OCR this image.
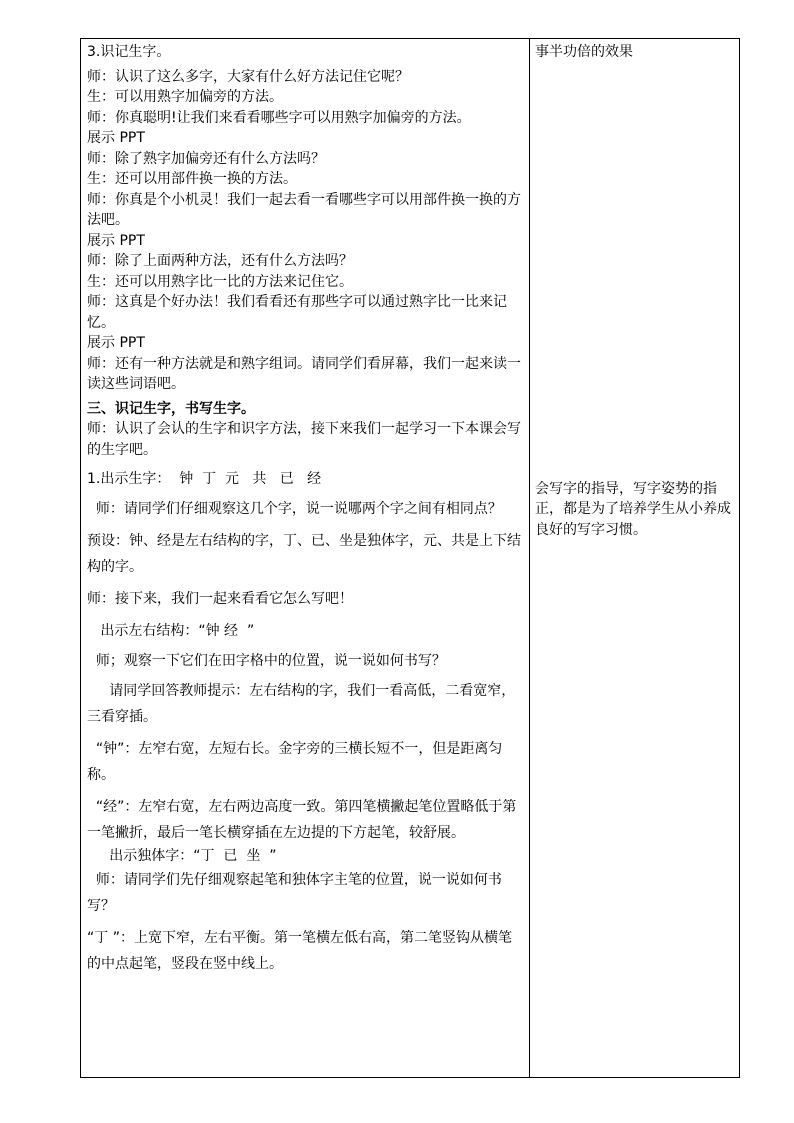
3.识记生字。
师：认识了这么多字，大家有什么好方法记住它呢？
生：可以用熟字加偏旁的方法。
师：你真聪明!让我们来看看哪些字可以用熟字加偏旁的方法。
展示 PPT
师：除了熟字加偏旁还有什么方法吗？
生：还可以用部件换一换的方法。
师：你真是个小机灵！我们一起去看一看哪些字可以用部件换一换的方法吧。
展示 PPT
师：除了上面两种方法，还有什么方法吗？
生：还可以用熟字比一比的方法来记住它。
师：这真是个好办法！我们看看还有那些字可以通过熟字比一比来记忆。
展示 PPT
师：还有一种方法就是和熟字组词。请同学们看屏幕，我们一起来读一读这些词语吧。
三、识记生字，书写生字。
师：认识了会认的生字和识字方法，接下来我们一起学习一下本课会写的生字吧。
1.出示生字：  钟  丁  元   共   已   经
师：请同学们仔细观察这几个字，说一说哪两个字之间有相同点？
预设：钟、经是左右结构的字，丁、已、坐是独体字，元、共是上下结构的字。
师：接下来，我们一起来看看它怎么写吧！
出示左右结构：“钟 经  ”
师；观察一下它们在田字格中的位置，说一说如何书写？
请同学回答教师提示：左右结构的字，我们一看高低，二看宽窄，三看穿插。
“钟”：左窄右宽，左短右长。金字旁的三横长短不一，但是距离匀称。
“经”：左窄右宽，左右两边高度一致。第四笔横撇起笔位置略低于第一笔撇折，最后一笔长横穿插在左边提的下方起笔，较舒展。
出示独体字：“丁  已  坐  ”
师：请同学们先仔细观察起笔和独体字主笔的位置，说一说如何书写？
“丁 ”：上宽下窄，左右平衡。第一笔横左低右高，第二笔竖钩从横笔的中点起笔，竖段在竖中线上。
事半功倍的效果
会写字的指导，写字姿势的指正，都是为了培养学生从小养成良好的写字习惯。
